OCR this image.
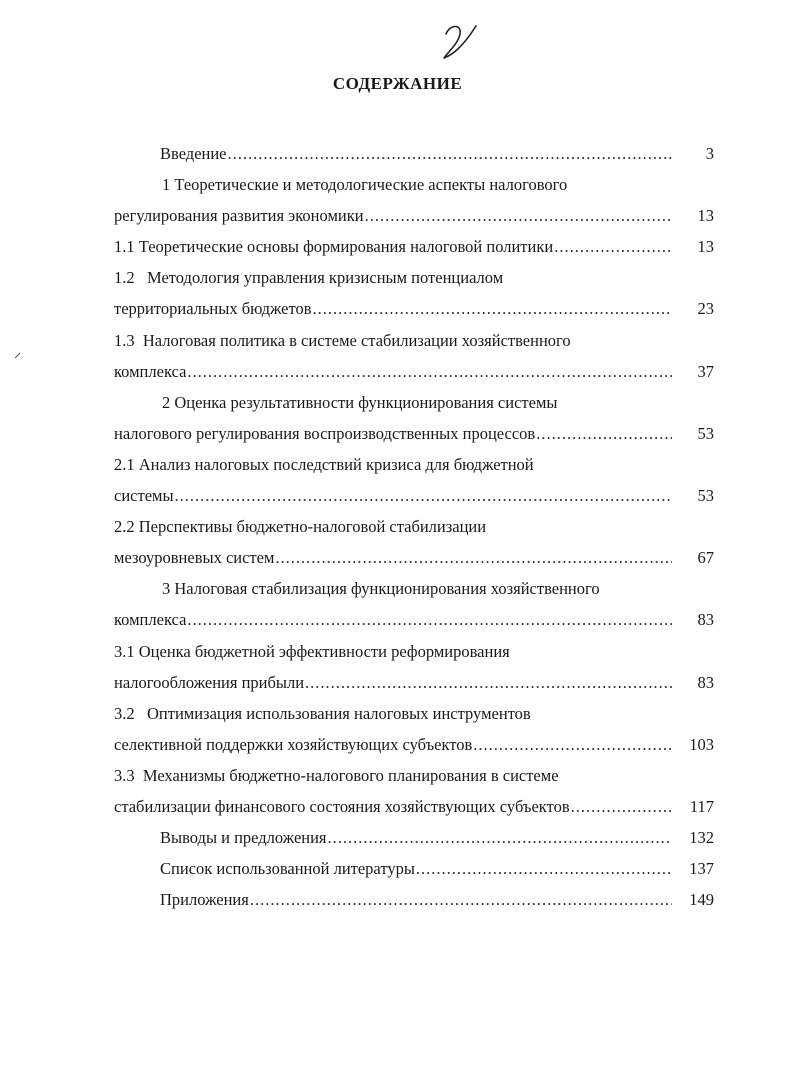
СОДЕРЖАНИЕ
Введение .....	3
1 Теоретические и методологические аспекты налогового
регулирования развития экономики .....	13
1.1 Теоретические основы формирования налоговой политики .....	13
1.2   Методология управления кризисным потенциалом
территориальных бюджетов .....	23
1.3  Налоговая политика в системе стабилизации хозяйственного
комплекса .....	37
2 Оценка результативности функционирования системы
налогового регулирования воспроизводственных процессов .....	53
2.1 Анализ налоговых последствий кризиса для бюджетной
системы .....	53
2.2 Перспективы бюджетно-налоговой стабилизации
мезоуровневых систем .....	67
3 Налоговая стабилизация функционирования хозяйственного
комплекса .....	83
3.1 Оценка бюджетной эффективности реформирования
налогообложения прибыли .....	83
3.2   Оптимизация использования налоговых инструментов
селективной поддержки хозяйствующих субъектов .....	103
3.3  Механизмы бюджетно-налогового планирования в системе
стабилизации финансового состояния хозяйствующих субъектов .....	117
Выводы и предложения .....	132
Список использованной литературы .....	137
Приложения .....	149
